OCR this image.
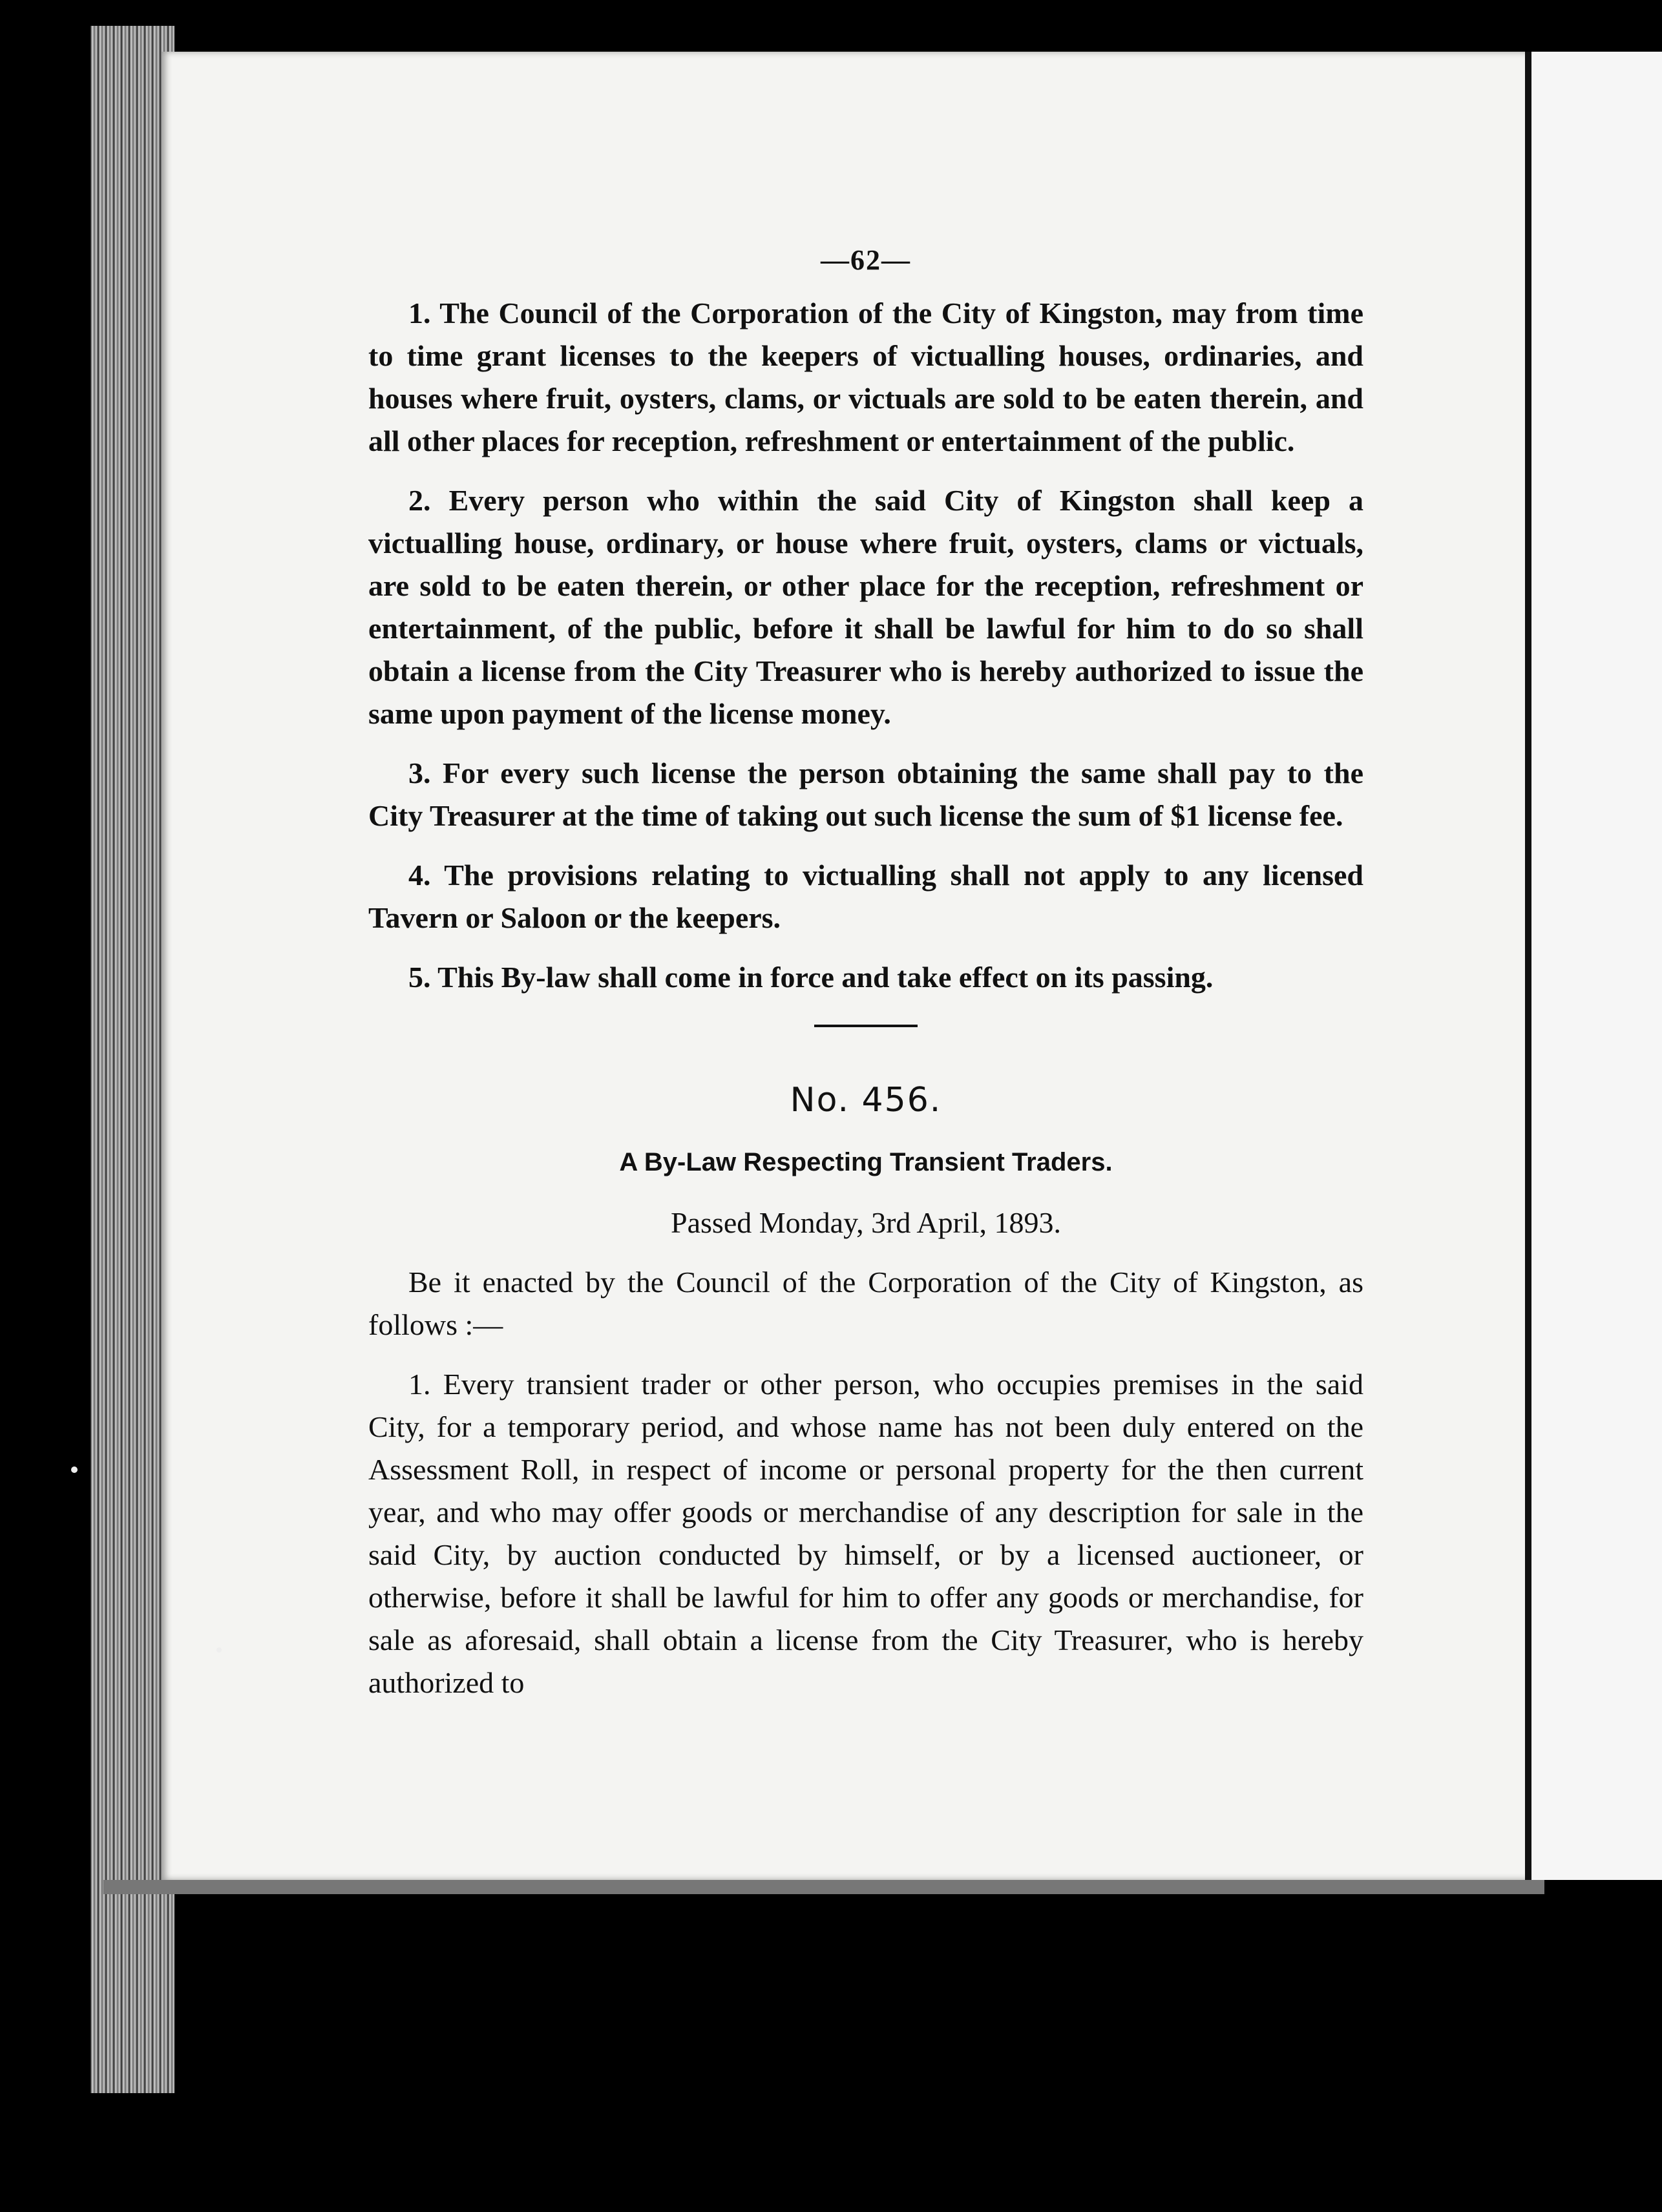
—62—

1. The Council of the Corporation of the City of Kingston, may from time to time grant licenses to the keepers of victualling houses, ordinaries, and houses where fruit, oysters, clams, or victuals are sold to be eaten therein, and all other places for reception, refreshment or entertainment of the public.

2. Every person who within the said City of Kingston shall keep a victualling house, ordinary, or house where fruit, oysters, clams or victuals, are sold to be eaten therein, or other place for the reception, refreshment or entertainment, of the public, before it shall be lawful for him to do so shall obtain a license from the City Treasurer who is hereby authorized to issue the same upon payment of the license money.

3. For every such license the person obtaining the same shall pay to the City Treasurer at the time of taking out such license the sum of $1 license fee.

4. The provisions relating to victualling shall not apply to any licensed Tavern or Saloon or the keepers.

5. This By-law shall come in force and take effect on its passing.

No. 456.
A By-Law Respecting Transient Traders.
Passed Monday, 3rd April, 1893.

Be it enacted by the Council of the Corporation of the City of Kingston, as follows :—

1. Every transient trader or other person, who occupies premises in the said City, for a temporary period, and whose name has not been duly entered on the Assessment Roll, in respect of income or personal property for the then current year, and who may offer goods or merchandise of any description for sale in the said City, by auction conducted by himself, or by a licensed auctioneer, or otherwise, before it shall be lawful for him to offer any goods or merchandise, for sale as aforesaid, shall obtain a license from the City Treasurer, who is hereby authorized to
